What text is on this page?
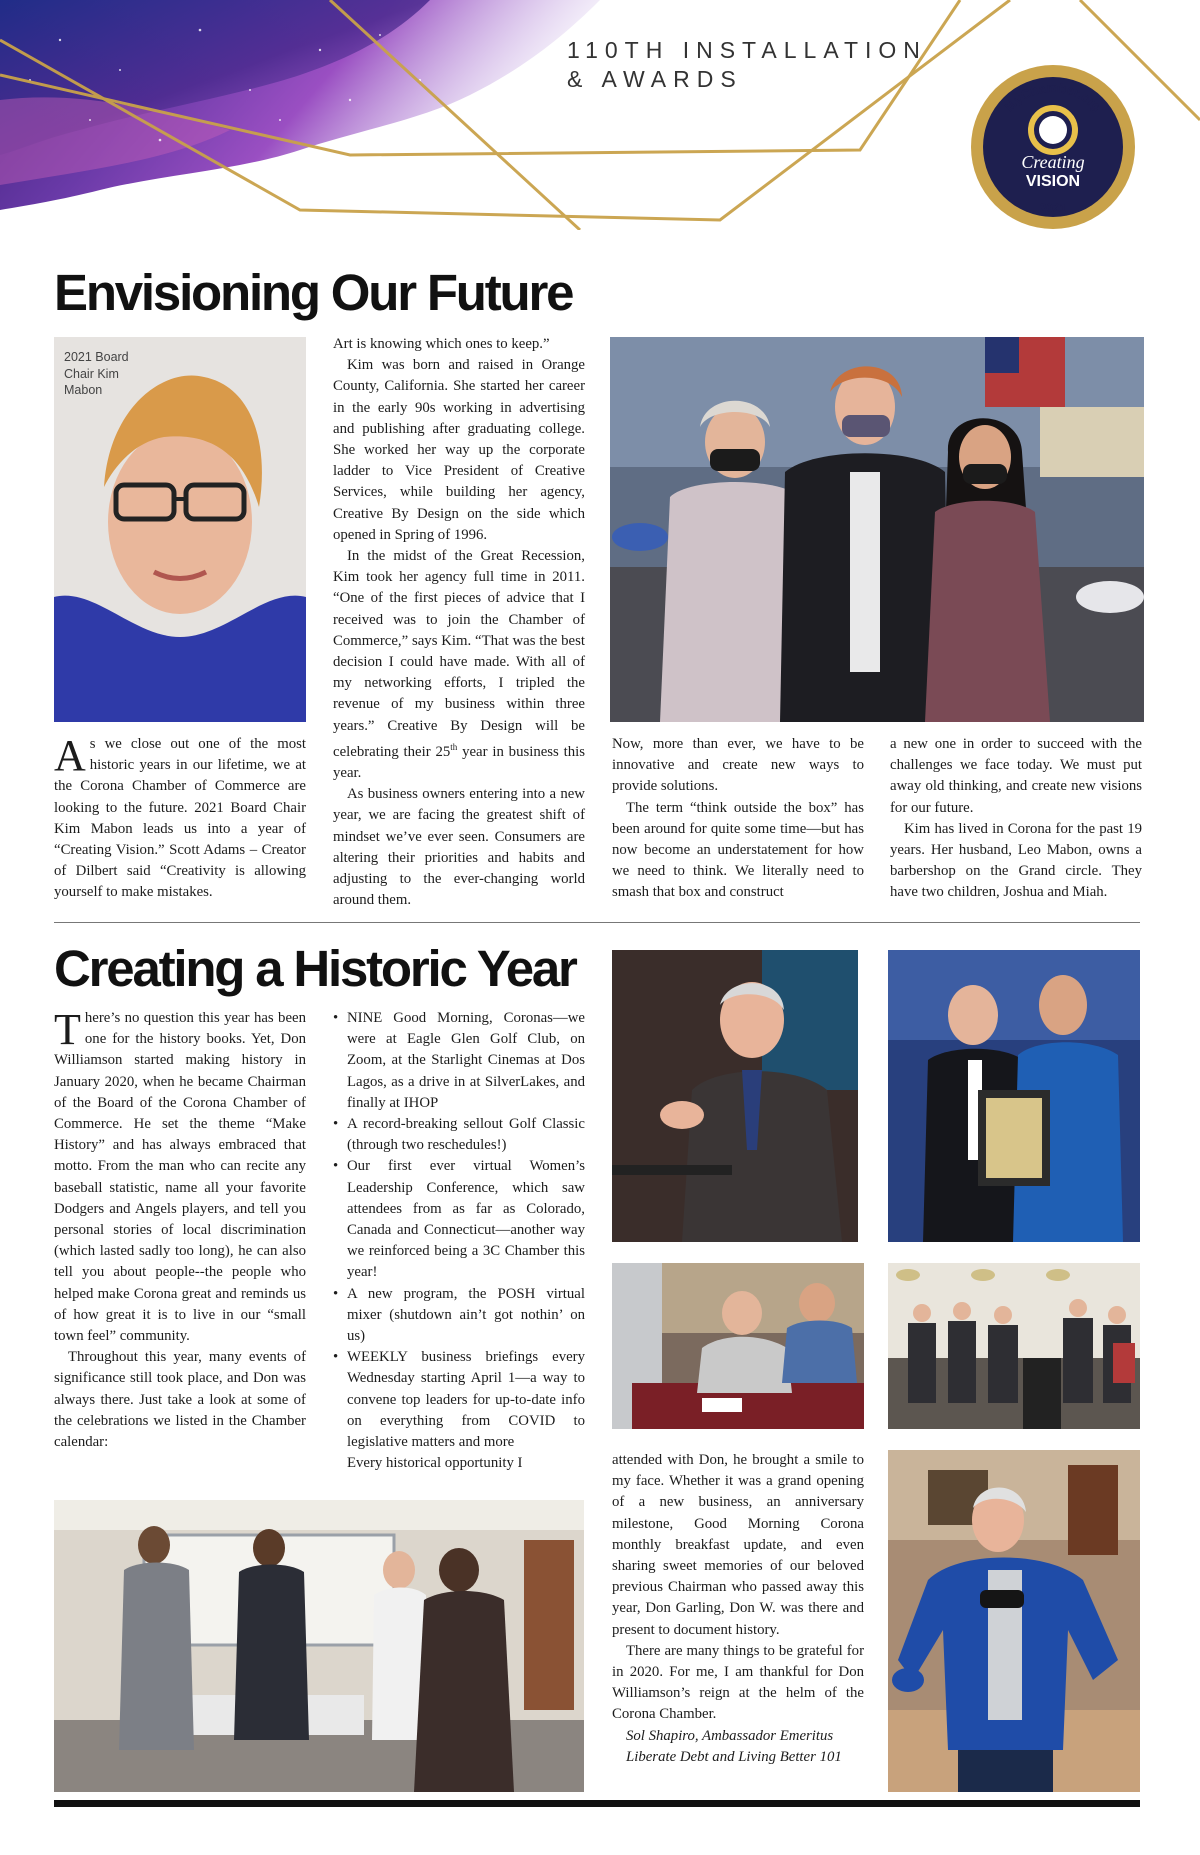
110TH INSTALLATION
& AWARDS
MyChamber.org
Creating
VISION
2021
Envisioning Our Future
2021 Board
Chair Kim
Mabon

As we close out one of the most historic years in our lifetime, we at the Corona Chamber of Commerce are looking to the future. 2021 Board Chair Kim Mabon leads us into a year of “Creating Vision.” Scott Adams – Creator of Dilbert said “Creativity is allowing yourself to make mistakes.

Art is knowing which ones to keep.”

Kim was born and raised in Orange County, California. She started her career in the early 90s working in advertising and publishing after graduating college. She worked her way up the corporate ladder to Vice President of Creative Services, while building her agency, Creative By Design on the side which opened in Spring of 1996.

In the midst of the Great Recession, Kim took her agency full time in 2011. “One of the first pieces of advice that I received was to join the Chamber of Commerce,” says Kim. “That was the best decision I could have made. With all of my networking efforts, I tripled the revenue of my business within three years.” Creative By Design will be celebrating their 25th year in business this year.

As business owners entering into a new year, we are facing the greatest shift of mindset we’ve ever seen. Consumers are altering their priorities and habits and adjusting to the ever-changing world around them.

Now, more than ever, we have to be innovative and create new ways to provide solutions.

The term “think outside the box” has been around for quite some time—but has now become an understatement for how we need to think. We literally need to smash that box and construct

a new one in order to succeed with the challenges we face today. We must put away old thinking, and create new visions for our future.

Kim has lived in Corona for the past 19 years. Her husband, Leo Mabon, owns a barbershop on the Grand circle. They have two children, Joshua and Miah.

Creating a Historic Year

There’s no question this year has been one for the history books. Yet, Don Williamson started making history in January 2020, when he became Chairman of the Board of the Corona Chamber of Commerce. He set the theme “Make History” and has always embraced that motto. From the man who can recite any baseball statistic, name all your favorite Dodgers and Angels players, and tell you personal stories of local discrimination (which lasted sadly too long), he can also tell you about people--the people who helped make Corona great and reminds us of how great it is to live in our “small town feel” community.

Throughout this year, many events of significance still took place, and Don was always there. Just take a look at some of the celebrations we listed in the Chamber calendar:

• NINE Good Morning, Coronas—we were at Eagle Glen Golf Club, on Zoom, at the Starlight Cinemas at Dos Lagos, as a drive in at SilverLakes, and finally at IHOP
• A record-breaking sellout Golf Classic (through two reschedules!)
• Our first ever virtual Women’s Leadership Conference, which saw attendees from as far as Colorado, Canada and Connecticut—another way we reinforced being a 3C Chamber this year!
• A new program, the POSH virtual mixer (shutdown ain’t got nothin’ on us)
• WEEKLY business briefings every Wednesday starting April 1—a way to convene top leaders for up-to-date info on everything from COVID to legislative matters and more

Every historical opportunity I	attended with Don, he brought a smile to my face. Whether it was a grand opening of a new business, an anniversary milestone, Good Morning Corona monthly breakfast update, and even sharing sweet memories of our beloved previous Chairman who passed away this year, Don Garling, Don W. was there and present to document history.

There are many things to be grateful for in 2020. For me, I am thankful for Don Williamson’s reign at the helm of the Corona Chamber.

Sol Shapiro, Ambassador Emeritus

Liberate Debt and Living Better 101
